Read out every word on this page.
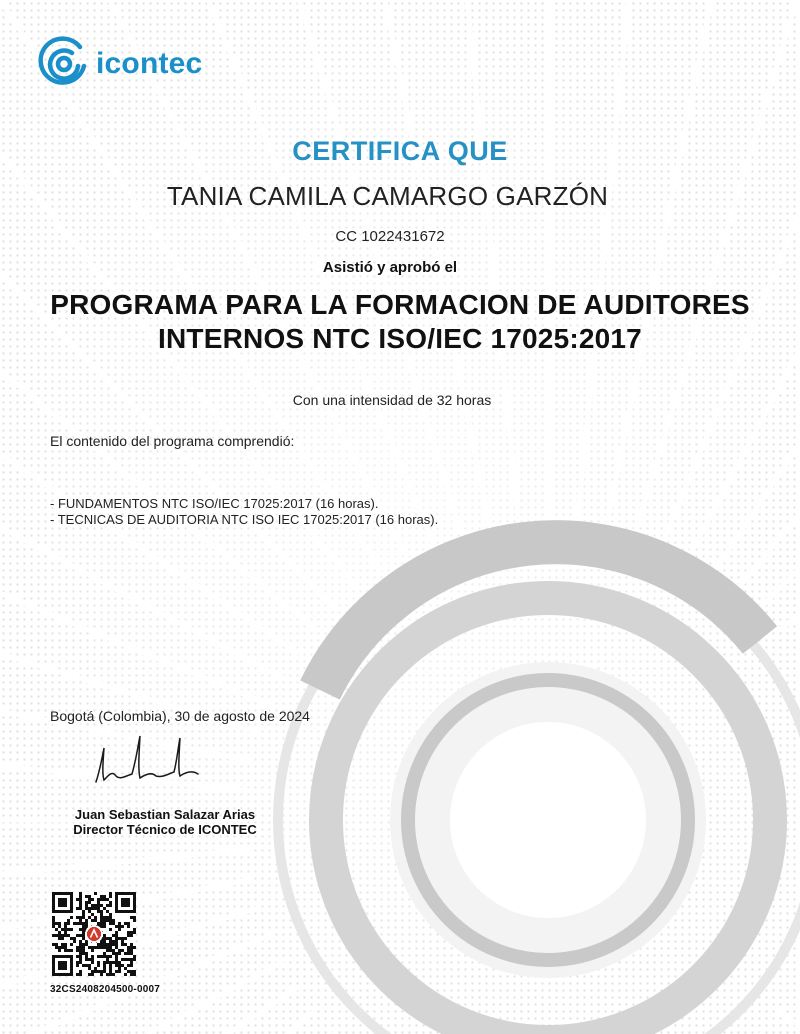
icontec
CERTIFICA QUE
TANIA CAMILA CAMARGO GARZÓN
CC 1022431672
Asistió y aprobó el
PROGRAMA PARA LA FORMACION DE AUDITORES
INTERNOS NTC ISO/IEC 17025:2017
Con una intensidad de 32 horas
El contenido del programa comprendió:
- FUNDAMENTOS NTC ISO/IEC 17025:2017 (16 horas).
- TECNICAS DE AUDITORIA NTC ISO IEC 17025:2017 (16 horas).
Bogotá (Colombia), 30 de agosto de 2024
Juan Sebastian Salazar Arias
Director Técnico de ICONTEC
32CS2408204500-0007
